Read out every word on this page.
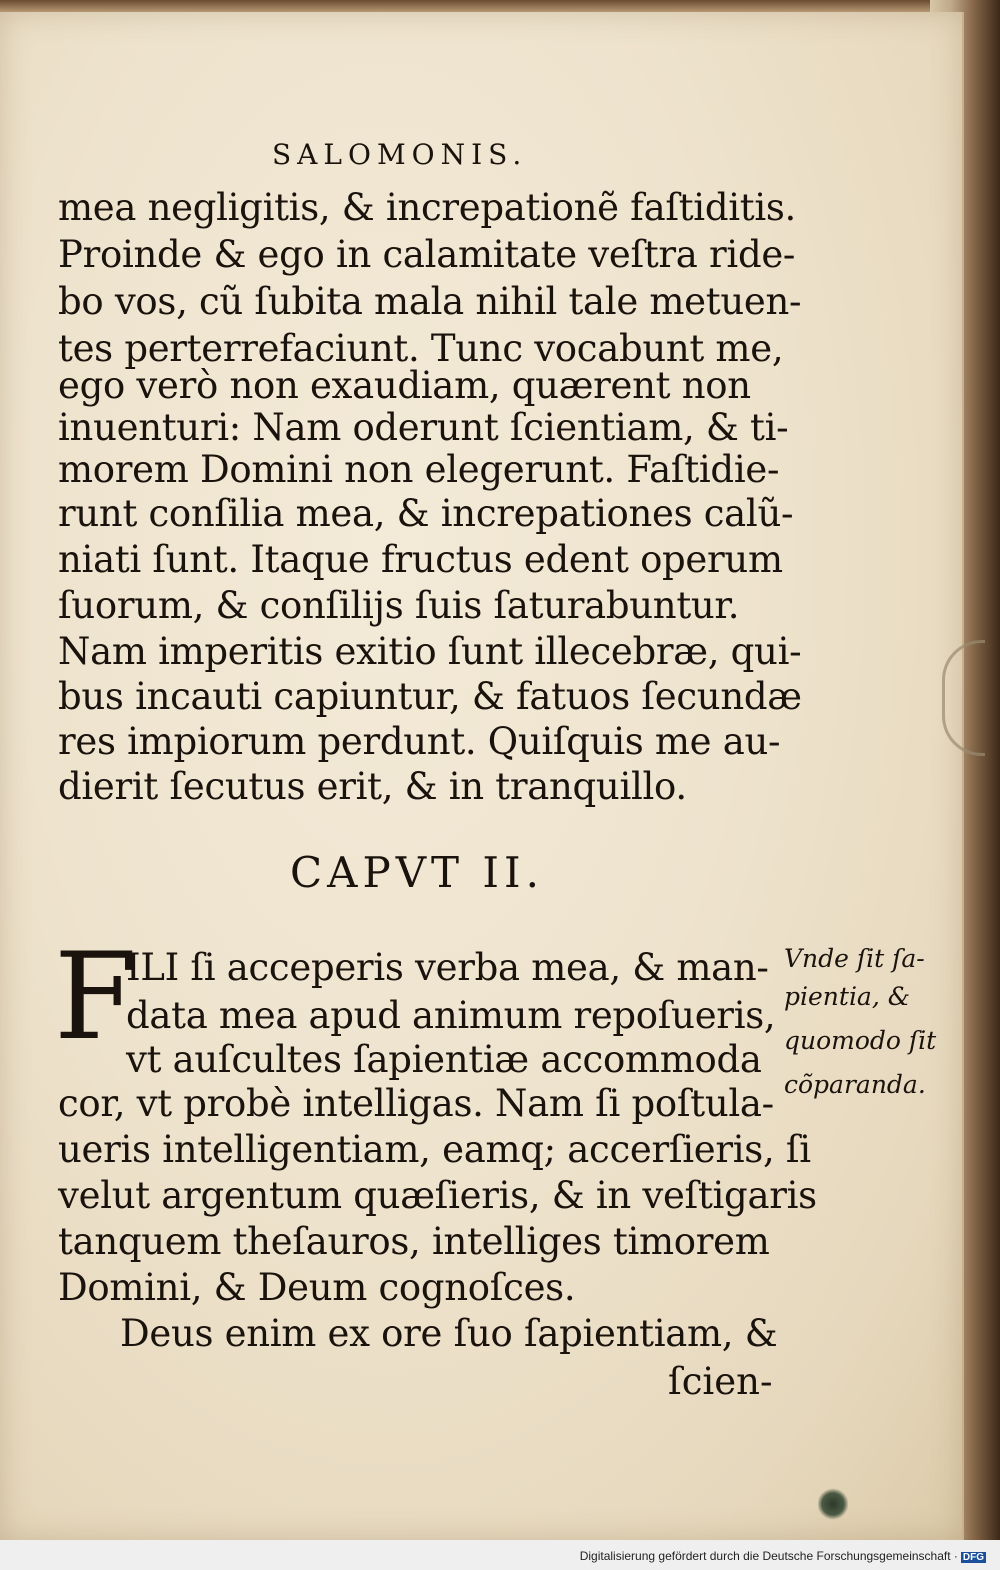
SALOMONIS.
mea negligitis, & increpationẽ faſtiditis.
Proinde & ego in calamitate veſtra ride-
bo vos, cũ ſubita mala nihil tale metuen-
tes perterrefaciunt. Tunc vocabunt me,
ego verò non exaudiam, quærent non
inuenturi: Nam oderunt ſcientiam, & ti-
morem Domini non elegerunt. Faſtidie-
runt conſilia mea, & increpationes calũ-
niati ſunt. Itaque fructus edent operum
ſuorum, & conſilijs ſuis ſaturabuntur.
Nam imperitis exitio ſunt illecebræ, qui-
bus incauti capiuntur, & fatuos ſecundæ
res impiorum perdunt. Quiſquis me au-
dierit ſecutus erit, & in tranquillo.
CAPVT II.
F
ILI ſi acceperis verba mea, & man-
data mea apud animum repoſueris,
vt auſcultes ſapientiæ accommoda
cor, vt probè intelligas. Nam ſi poſtula-
ueris intelligentiam, eamq; accerſieris, ſi
velut argentum quæſieris, & in veſtigaris
tanquem theſauros, intelliges timorem
Domini, & Deum cognoſces.
Deus enim ex ore ſuo ſapientiam, &
ſcien-
Vnde ſit ſa-
pientia, &
quomodo ſit
cõparanda.
Digitalisierung gefördert durch die Deutsche Forschungsgemeinschaft · DFG
